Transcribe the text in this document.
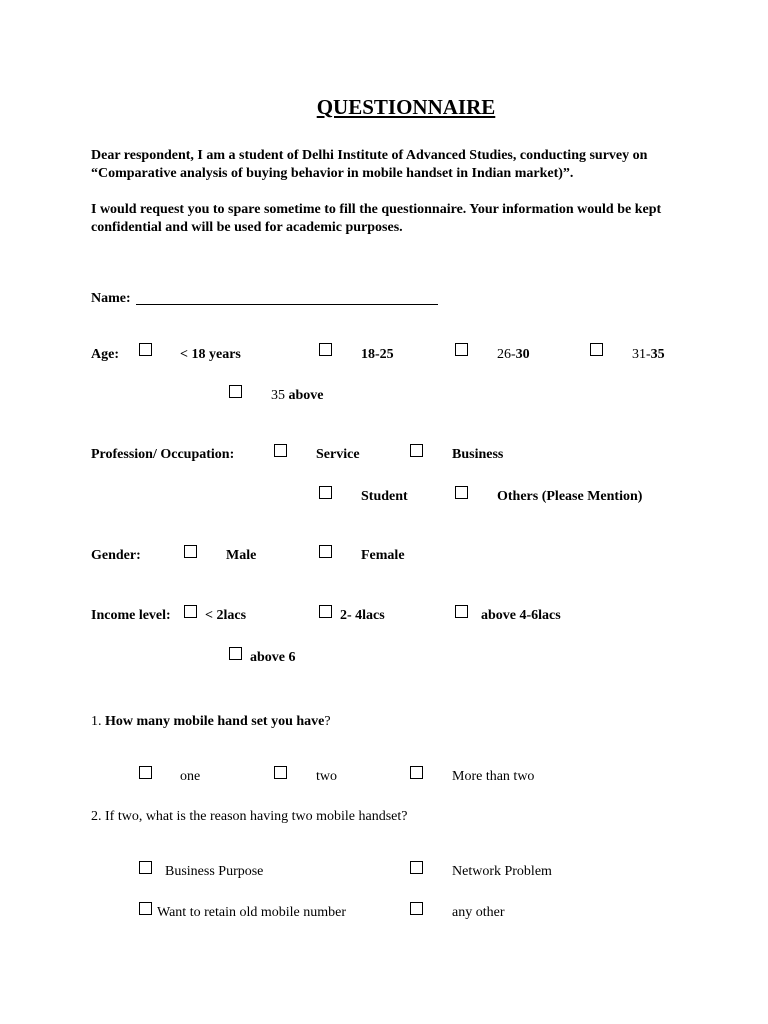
QUESTIONNAIRE
Dear respondent, I am a student of Delhi Institute of Advanced Studies, conducting survey on “Comparative analysis of buying behavior in mobile handset in Indian market)”.
I would request you to spare sometime to fill the questionnaire. Your information would be kept confidential and will be used for academic purposes.
Name:
Age:	< 18 years	18-25	26-30	31-35
35 above
Profession/ Occupation:	Service	Business
Student	Others (Please Mention)
Gender:	Male	Female
Income level: < 2lacs	2- 4lacs	above 4-6lacs
above 6
1. How many mobile hand set you have?
one	two	More than two
2. If two, what is the reason having two mobile handset?
Business Purpose	Network Problem
Want to retain old mobile number	any other
